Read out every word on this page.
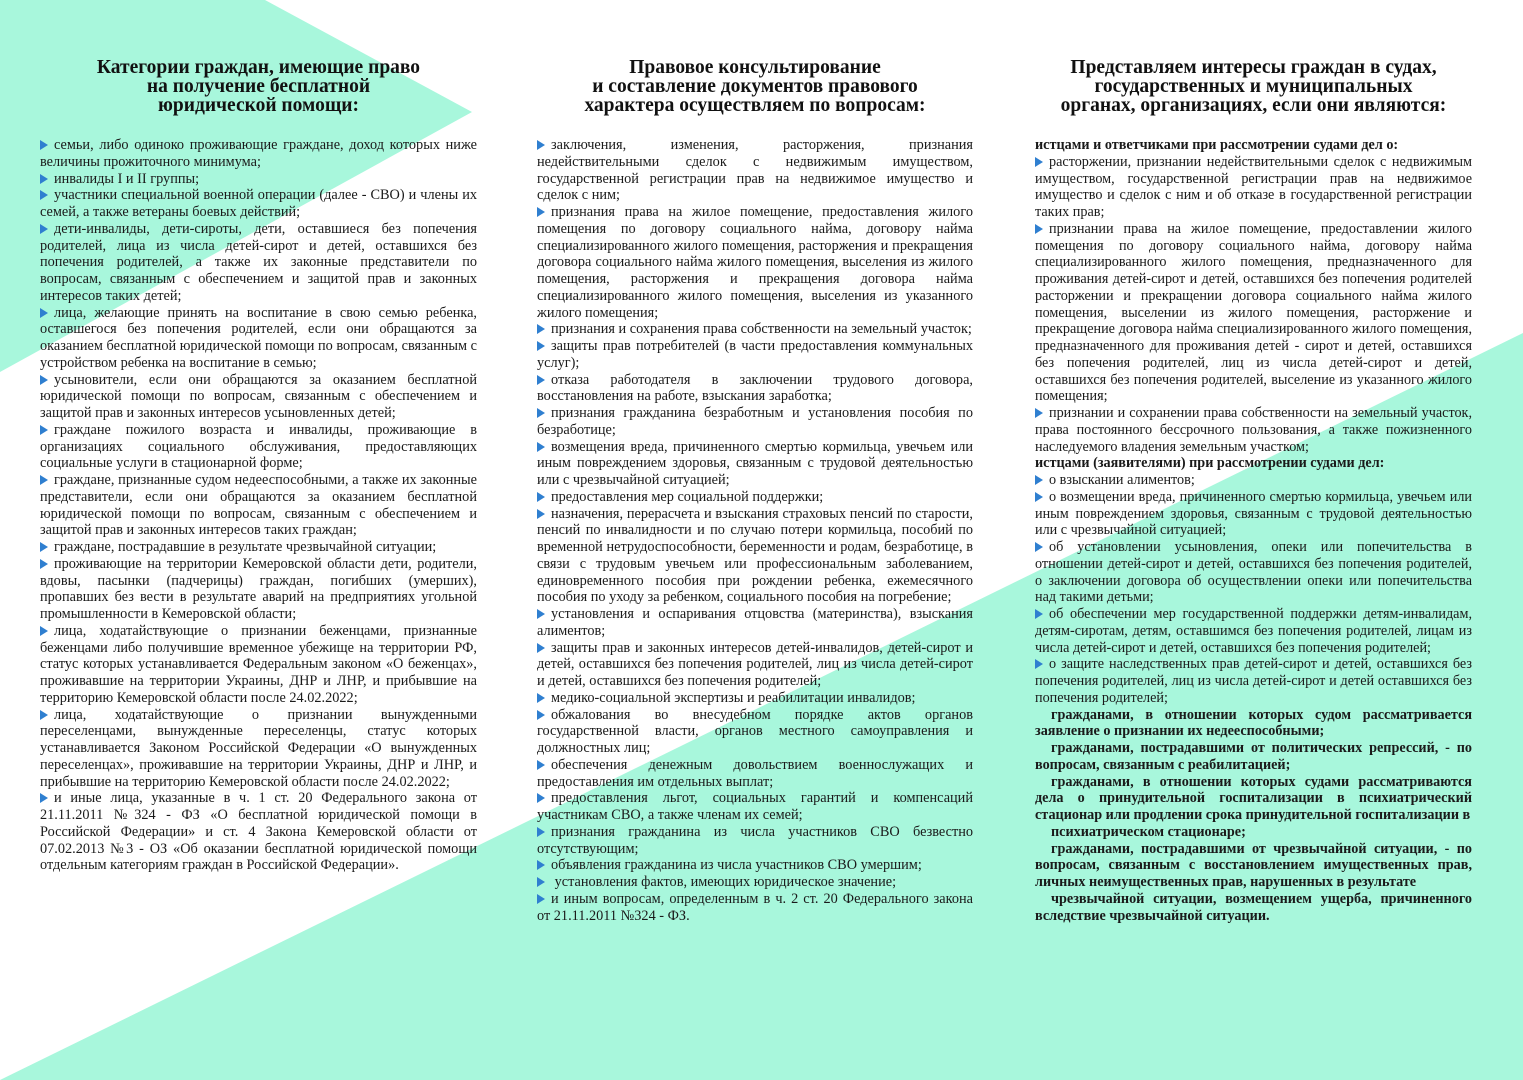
Категории граждан, имеющие право
на получение бесплатной
юридической помощи:

семьи, либо одиноко проживающие граждане, доход которых ниже величины прожиточного минимума;

инвалиды I и II группы;

участники специальной военной операции (далее - СВО) и члены их семей, а также ветераны боевых действий;

дети-инвалиды, дети-сироты, дети, оставшиеся без попечения родителей, лица из числа детей-сирот и детей, оставшихся без попечения родителей, а также их законные представители по вопросам, связанным с обеспечением и защитой прав и законных интересов таких детей;

лица, желающие принять на воспитание в свою семью ребенка, оставшегося без попечения родителей, если они обращаются за оказанием бесплатной юридической помощи по вопросам, связанным с устройством ребенка на воспитание в семью;

усыновители, если они обращаются за оказанием бесплатной юридической помощи по вопросам, связанным с обеспечением и защитой прав и законных интересов усыновленных детей;

граждане пожилого возраста и инвалиды, проживающие в организациях социального обслуживания, предоставляющих социальные услуги в стационарной форме;

граждане, признанные судом недееспособными, а также их законные представители, если они обращаются за оказанием бесплатной юридической помощи по вопросам, связанным с обеспечением и защитой прав и законных интересов таких граждан;

граждане, пострадавшие в результате чрезвычайной ситуации;

проживающие на территории Кемеровской области дети, родители, вдовы, пасынки (падчерицы) граждан, погибших (умерших), пропавших без вести в результате аварий на предприятиях угольной промышленности в Кемеровской области;

лица, ходатайствующие о признании беженцами, признанные беженцами либо получившие временное убежище на территории РФ, статус которых устанавливается Федеральным законом «О беженцах», проживавшие на территории Украины, ДНР и ЛНР, и прибывшие на территорию Кемеровской области после 24.02.2022;

лица, ходатайствующие о признании вынужденными переселенцами, вынужденные переселенцы, статус которых устанавливается Законом Российской Федерации «О вынужденных переселенцах», проживавшие на территории Украины, ДНР и ЛНР, и прибывшие на территорию Кемеровской области после 24.02.2022;

и иные лица, указанные в ч. 1 ст. 20 Федерального закона от 21.11.2011 №324 - ФЗ «О бесплатной юридической помощи в Российской Федерации» и ст. 4 Закона Кемеровской области от 07.02.2013 №3 - ОЗ «Об оказании бесплатной юридической помощи отдельным категориям граждан в Российской Федерации».

Правовое консультирование
и составление документов правового
характера осуществляем по вопросам:

заключения, изменения, расторжения, признания недействительными сделок с недвижимым имуществом, государственной регистрации прав на недвижимое имущество и сделок с ним;

признания права на жилое помещение, предоставления жилого помещения по договору социального найма, договору найма специализированного жилого помещения, расторжения и прекращения договора социального найма жилого помещения, выселения из жилого помещения, расторжения и прекращения договора найма специализированного жилого помещения, выселения из указанного жилого помещения;

признания и сохранения права собственности на земельный участок;

защиты прав потребителей (в части предоставления коммунальных услуг);

отказа работодателя в заключении трудового договора, восстановления на работе, взыскания заработка;

признания гражданина безработным и установления пособия по безработице;

возмещения вреда, причиненного смертью кормильца, увечьем или иным повреждением здоровья, связанным с трудовой деятельностью или с чрезвычайной ситуацией;

предоставления мер социальной поддержки;

назначения, перерасчета и взыскания страховых пенсий по старости, пенсий по инвалидности и по случаю потери кормильца, пособий по временной нетрудоспособности, беременности и родам, безработице, в связи с трудовым увечьем или профессиональным заболеванием, единовременного пособия при рождении ребенка, ежемесячного пособия по уходу за ребенком, социального пособия на погребение;

установления и оспаривания отцовства (материнства), взыскания алиментов;

защиты прав и законных интересов детей-инвалидов, детей-сирот и детей, оставшихся без попечения родителей, лиц из числа детей-сирот и детей, оставшихся без попечения родителей;

медико-социальной экспертизы и реабилитации инвалидов;

обжалования во внесудебном порядке актов органов государственной власти, органов местного самоуправления и должностных лиц;

обеспечения денежным довольствием военнослужащих и предоставления им отдельных выплат;

предоставления льгот, социальных гарантий и компенсаций участникам СВО, а также членам их семей;

признания гражданина из числа участников СВО безвестно отсутствующим;

объявления гражданина из числа участников СВО умершим;

установления фактов, имеющих юридическое значение;

и иным вопросам, определенным в ч. 2 ст. 20 Федерального закона от 21.11.2011 №324 - ФЗ.

Представляем интересы граждан в судах,
государственных и муниципальных
органах, организациях, если они являются:

истцами и ответчиками при рассмотрении судами дел о:

расторжении, признании недействительными сделок с недвижимым имуществом, государственной регистрации прав на недвижимое имущество и сделок с ним и об отказе в государственной регистрации таких прав;

признании права на жилое помещение, предоставлении жилого помещения по договору социального найма, договору найма специализированного жилого помещения, предназначенного для проживания детей-сирот и детей, оставшихся без попечения родителей расторжении и прекращении договора социального найма жилого помещения, выселении из жилого помещения, расторжение и прекращение договора найма специализированного жилого помещения, предназначенного для проживания детей - сирот и детей, оставшихся без попечения родителей, лиц из числа детей-сирот и детей, оставшихся без попечения родителей, выселение из указанного жилого помещения;

признании и сохранении права собственности на земельный участок, права постоянного бессрочного пользования, а также пожизненного наследуемого владения земельным участком;

истцами (заявителями) при рассмотрении судами дел:

о взыскании алиментов;

о возмещении вреда, причиненного смертью кормильца, увечьем или иным повреждением здоровья, связанным с трудовой деятельностью или с чрезвычайной ситуацией;

об установлении усыновления, опеки или попечительства в отношении детей-сирот и детей, оставшихся без попечения родителей, о заключении договора об осуществлении опеки или попечительства над такими детьми;

об обеспечении мер государственной поддержки детям-инвалидам, детям-сиротам, детям, оставшимся без попечения родителей, лицам из числа детей-сирот и детей, оставшихся без попечения родителей;

о защите наследственных прав детей-сирот и детей, оставшихся без попечения родителей, лиц из числа детей-сирот и детей оставшихся без попечения родителей;

гражданами, в отношении которых судом рассматривается заявление о признании их недееспособными;

гражданами, пострадавшими от политических репрессий, - по вопросам, связанным с реабилитацией;

гражданами, в отношении которых судами рассматриваются дела о принудительной госпитализации в психиатрический стационар или продлении срока принудительной госпитализации в

психиатрическом стационаре;

гражданами, пострадавшими от чрезвычайной ситуации, - по вопросам, связанным с восстановлением имущественных прав, личных неимущественных прав, нарушенных в результате

чрезвычайной ситуации, возмещением ущерба, причиненного вследствие чрезвычайной ситуации.
